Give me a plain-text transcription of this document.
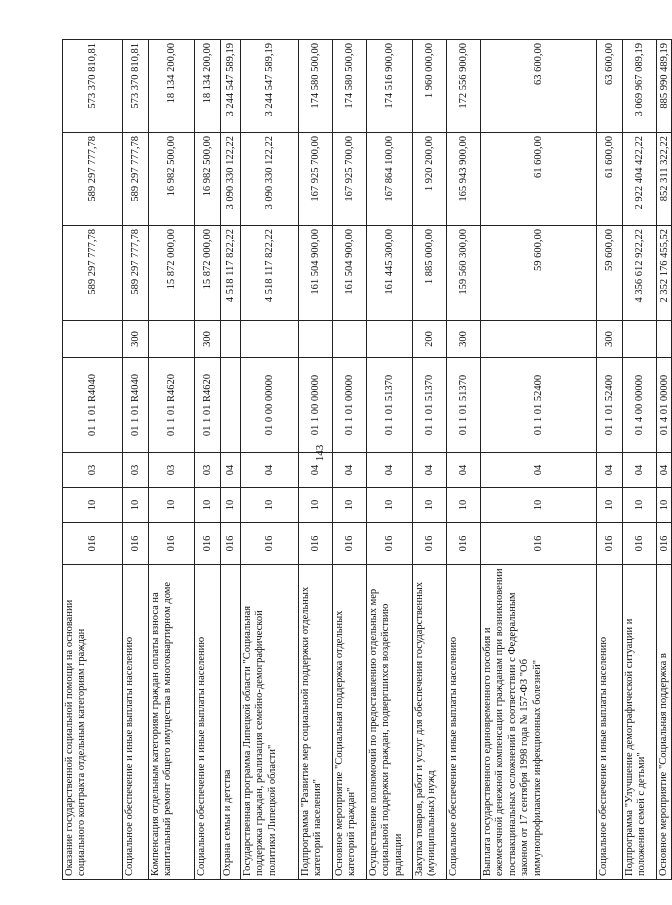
143
Оказание государственной социальной помощи на основании социального контракта отдельным категориям граждан	016	10	03	01 1 01 R4040		589 297 777,78	589 297 777,78	573 370 810,81
Социальное обеспечение и иные выплаты населению	016	10	03	01 1 01 R4040	300	589 297 777,78	589 297 777,78	573 370 810,81
Компенсация отдельным категориям граждан оплаты взноса на капитальный ремонт общего имущества в многоквартирном доме	016	10	03	01 1 01 R4620		15 872 000,00	16 982 500,00	18 134 200,00
Социальное обеспечение и иные выплаты населению	016	10	03	01 1 01 R4620	300	15 872 000,00	16 982 500,00	18 134 200,00
Охрана семьи и детства	016	10	04			4 518 117 822,22	3 090 330 122,22	3 244 547 589,19
Государственная программа Липецкой области "Социальная поддержка граждан, реализация семейно-демографической политики Липецкой области"	016	10	04	01 0 00 00000		4 518 117 822,22	3 090 330 122,22	3 244 547 589,19
Подпрограмма "Развитие мер социальной поддержки отдельных категорий населения"	016	10	04	01 1 00 00000		161 504 900,00	167 925 700,00	174 580 500,00
Основное мероприятие "Социальная поддержка отдельных категорий граждан"	016	10	04	01 1 01 00000		161 504 900,00	167 925 700,00	174 580 500,00
Осуществление полномочий по предоставлению отдельных мер социальной поддержки граждан, подвергшихся воздействию радиации	016	10	04	01 1 01 51370		161 445 300,00	167 864 100,00	174 516 900,00
Закупка товаров, работ и услуг для обеспечения государственных (муниципальных) нужд	016	10	04	01 1 01 51370	200	1 885 000,00	1 920 200,00	1 960 000,00
Социальное обеспечение и иные выплаты населению	016	10	04	01 1 01 51370	300	159 560 300,00	165 943 900,00	172 556 900,00
Выплата государственного единовременного пособия и ежемесячной денежной компенсации гражданам при возникновении поствакцинальных осложнений в соответствии с Федеральным законом от 17 сентября 1998 года № 157-ФЗ "Об иммунопрофилактике инфекционных болезней"	016	10	04	01 1 01 52400		59 600,00	61 600,00	63 600,00
Социальное обеспечение и иные выплаты населению	016	10	04	01 1 01 52400	300	59 600,00	61 600,00	63 600,00
Подпрограмма "Улучшение демографической ситуации и положения семей с детьми"	016	10	04	01 4 00 00000		4 356 612 922,22	2 922 404 422,22	3 069 967 089,19
Основное мероприятие "Социальная поддержка в	016	10	04	01 4 01 00000		2 352 176 455,52	852 311 322,22	885 990 489,19
